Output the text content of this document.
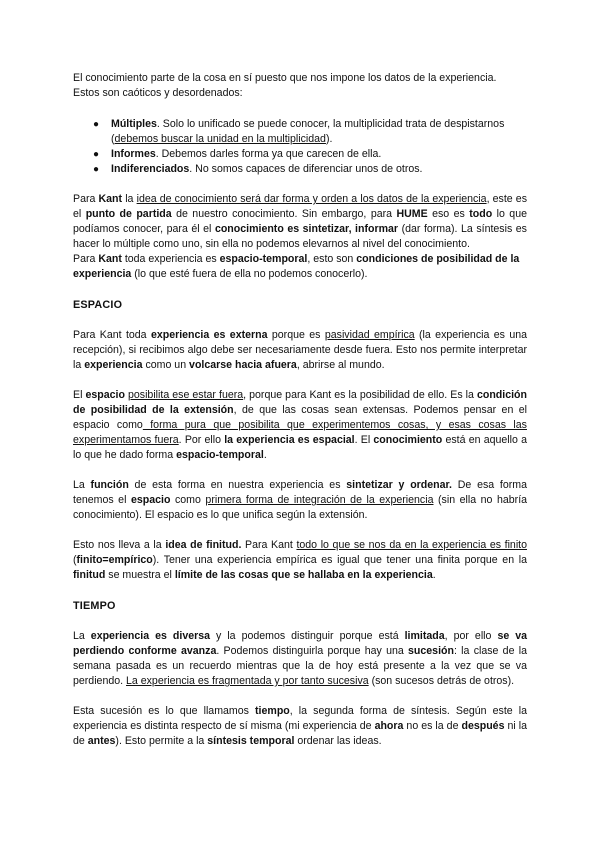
El conocimiento parte de la cosa en sí puesto que nos impone los datos de la experiencia.
Estos son caóticos y desordenados:

● Múltiples. Solo lo unificado se puede conocer, la multiplicidad trata de despistarnos (debemos buscar la unidad en la multiplicidad).
● Informes. Debemos darles forma ya que carecen de ella.
● Indiferenciados. No somos capaces de diferenciar unos de otros.

Para Kant la idea de conocimiento será dar forma y orden a los datos de la experiencia, este es el punto de partida de nuestro conocimiento. Sin embargo, para HUME eso es todo lo que podíamos conocer, para él el conocimiento es sintetizar, informar (dar forma). La síntesis es hacer lo múltiple como uno, sin ella no podemos elevarnos al nivel del conocimiento.

Para Kant toda experiencia es espacio-temporal, esto son condiciones de posibilidad de la experiencia (lo que esté fuera de ella no podemos conocerlo).

ESPACIO

Para Kant toda experiencia es externa porque es pasividad empírica (la experiencia es una recepción), si recibimos algo debe ser necesariamente desde fuera. Esto nos permite interpretar la experiencia como un volcarse hacia afuera, abrirse al mundo.

El espacio posibilita ese estar fuera, porque para Kant es la posibilidad de ello. Es la condición de posibilidad de la extensión, de que las cosas sean extensas. Podemos pensar en el espacio como forma pura que posibilita que experimentemos cosas, y esas cosas las experimentamos fuera. Por ello la experiencia es espacial. El conocimiento está en aquello a lo que he dado forma espacio-temporal.

La función de esta forma en nuestra experiencia es sintetizar y ordenar. De esa forma tenemos el espacio como primera forma de integración de la experiencia (sin ella no habría conocimiento). El espacio es lo que unifica según la extensión.

Esto nos lleva a la idea de finitud. Para Kant todo lo que se nos da en la experiencia es finito (finito=empírico). Tener una experiencia empírica es igual que tener una finita porque en la finitud se muestra el límite de las cosas que se hallaba en la experiencia.

TIEMPO

La experiencia es diversa y la podemos distinguir porque está limitada, por ello se va perdiendo conforme avanza. Podemos distinguirla porque hay una sucesión: la clase de la semana pasada es un recuerdo mientras que la de hoy está presente a la vez que se va perdiendo. La experiencia es fragmentada y por tanto sucesiva (son sucesos detrás de otros).

Esta sucesión es lo que llamamos tiempo, la segunda forma de síntesis. Según este la experiencia es distinta respecto de sí misma (mi experiencia de ahora no es la de después ni la de antes). Esto permite a la síntesis temporal ordenar las ideas.
